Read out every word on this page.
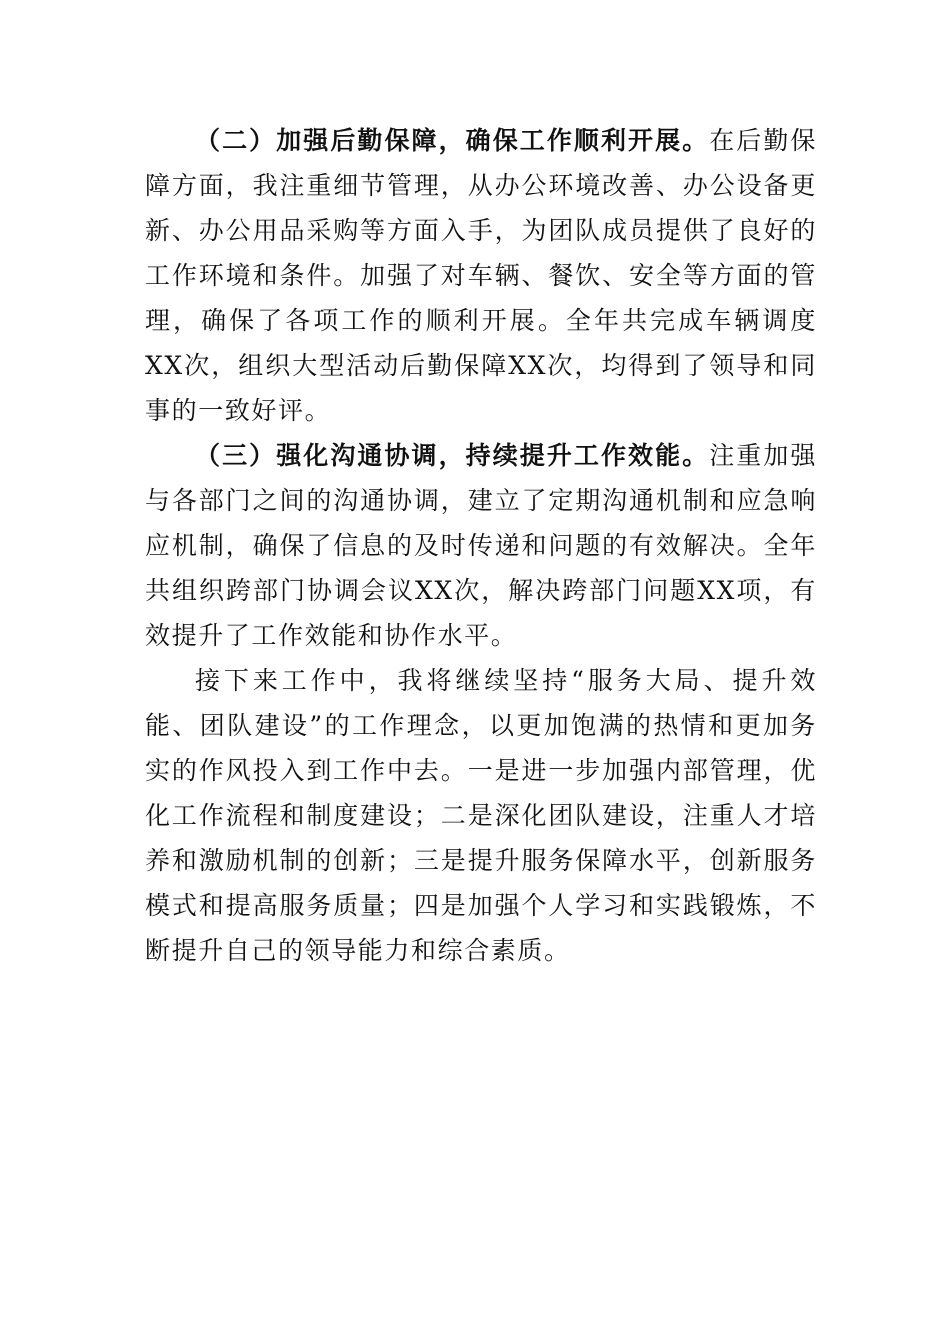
（二）加强后勤保障，确保工作顺利开展。在后勤保障方面，我注重细节管理，从办公环境改善、办公设备更新、办公用品采购等方面入手，为团队成员提供了良好的工作环境和条件。加强了对车辆、餐饮、安全等方面的管理，确保了各项工作的顺利开展。全年共完成车辆调度XX次，组织大型活动后勤保障XX次，均得到了领导和同事的一致好评。

（三）强化沟通协调，持续提升工作效能。注重加强与各部门之间的沟通协调，建立了定期沟通机制和应急响应机制，确保了信息的及时传递和问题的有效解决。全年共组织跨部门协调会议XX次，解决跨部门问题XX项，有效提升了工作效能和协作水平。

接下来工作中，我将继续坚持“服务大局、提升效能、团队建设”的工作理念，以更加饱满的热情和更加务实的作风投入到工作中去。一是进一步加强内部管理，优化工作流程和制度建设；二是深化团队建设，注重人才培养和激励机制的创新；三是提升服务保障水平，创新服务模式和提高服务质量；四是加强个人学习和实践锻炼，不断提升自己的领导能力和综合素质。
